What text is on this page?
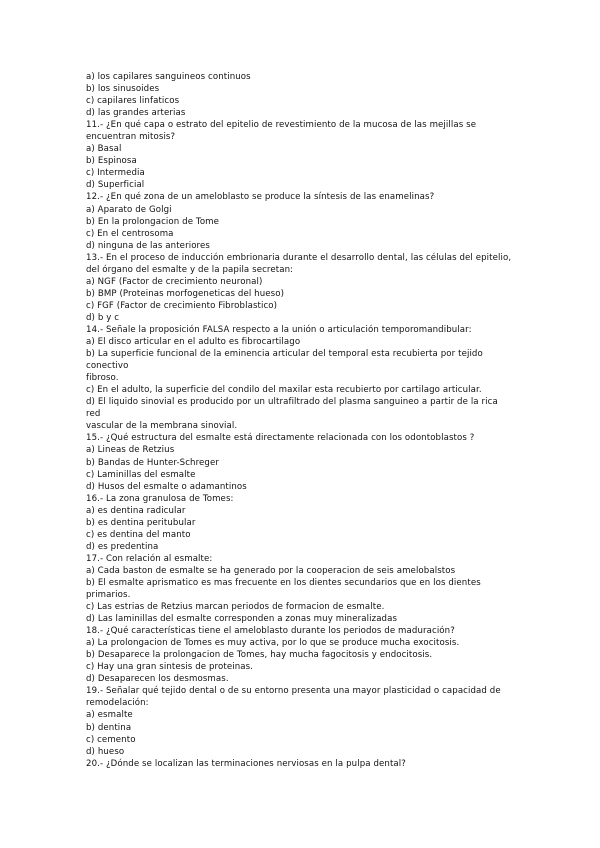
a) los capilares sanguineos continuos
b) los sinusoides
c) capilares linfaticos
d) las grandes arterias
11.- ¿En qué capa o estrato del epitelio de revestimiento de la mucosa de las mejillas se
encuentran mitosis?
a) Basal
b) Espinosa
c) Intermedia
d) Superficial
12.- ¿En qué zona de un ameloblasto se produce la síntesis de las enamelinas?
a) Aparato de Golgi
b) En la prolongacion de Tome
c) En el centrosoma
d) ninguna de las anteriores
13.- En el proceso de inducción embrionaria durante el desarrollo dental, las células del epitelio,
del órgano del esmalte y de la papila secretan:
a) NGF (Factor de crecimiento neuronal)
b) BMP (Proteinas morfogeneticas del hueso)
c) FGF (Factor de crecimiento Fibroblastico)
d) b y c
14.- Señale la proposición FALSA respecto a la unión o articulación temporomandibular:
a) El disco articular en el adulto es fibrocartilago
b) La superficie funcional de la eminencia articular del temporal esta recubierta por tejido
conectivo
fibroso.
c) En el adulto, la superficie del condilo del maxilar esta recubierto por cartilago articular.
d) El liquido sinovial es producido por un ultrafiltrado del plasma sanguineo a partir de la rica
red
vascular de la membrana sinovial.
15.- ¿Qué estructura del esmalte está directamente relacionada con los odontoblastos ?
a) Lineas de Retzius
b) Bandas de Hunter-Schreger
c) Laminillas del esmalte
d) Husos del esmalte o adamantinos
16.- La zona granulosa de Tomes:
a) es dentina radicular
b) es dentina peritubular
c) es dentina del manto
d) es predentina
17.- Con relación al esmalte:
a) Cada baston de esmalte se ha generado por la cooperacion de seis amelobalstos
b) El esmalte aprismatico es mas frecuente en los dientes secundarios que en los dientes
primarios.
c) Las estrias de Retzius marcan periodos de formacion de esmalte.
d) Las laminillas del esmalte corresponden a zonas muy mineralizadas
18.- ¿Qué características tiene el ameloblasto durante los periodos de maduración?
a) La prolongacion de Tomes es muy activa, por lo que se produce mucha exocitosis.
b) Desaparece la prolongacion de Tomes, hay mucha fagocitosis y endocitosis.
c) Hay una gran sintesis de proteinas.
d) Desaparecen los desmosmas.
19.- Señalar qué tejido dental o de su entorno presenta una mayor plasticidad o capacidad de
remodelación:
a) esmalte
b) dentina
c) cemento
d) hueso
20.- ¿Dónde se localizan las terminaciones nerviosas en la pulpa dental?
